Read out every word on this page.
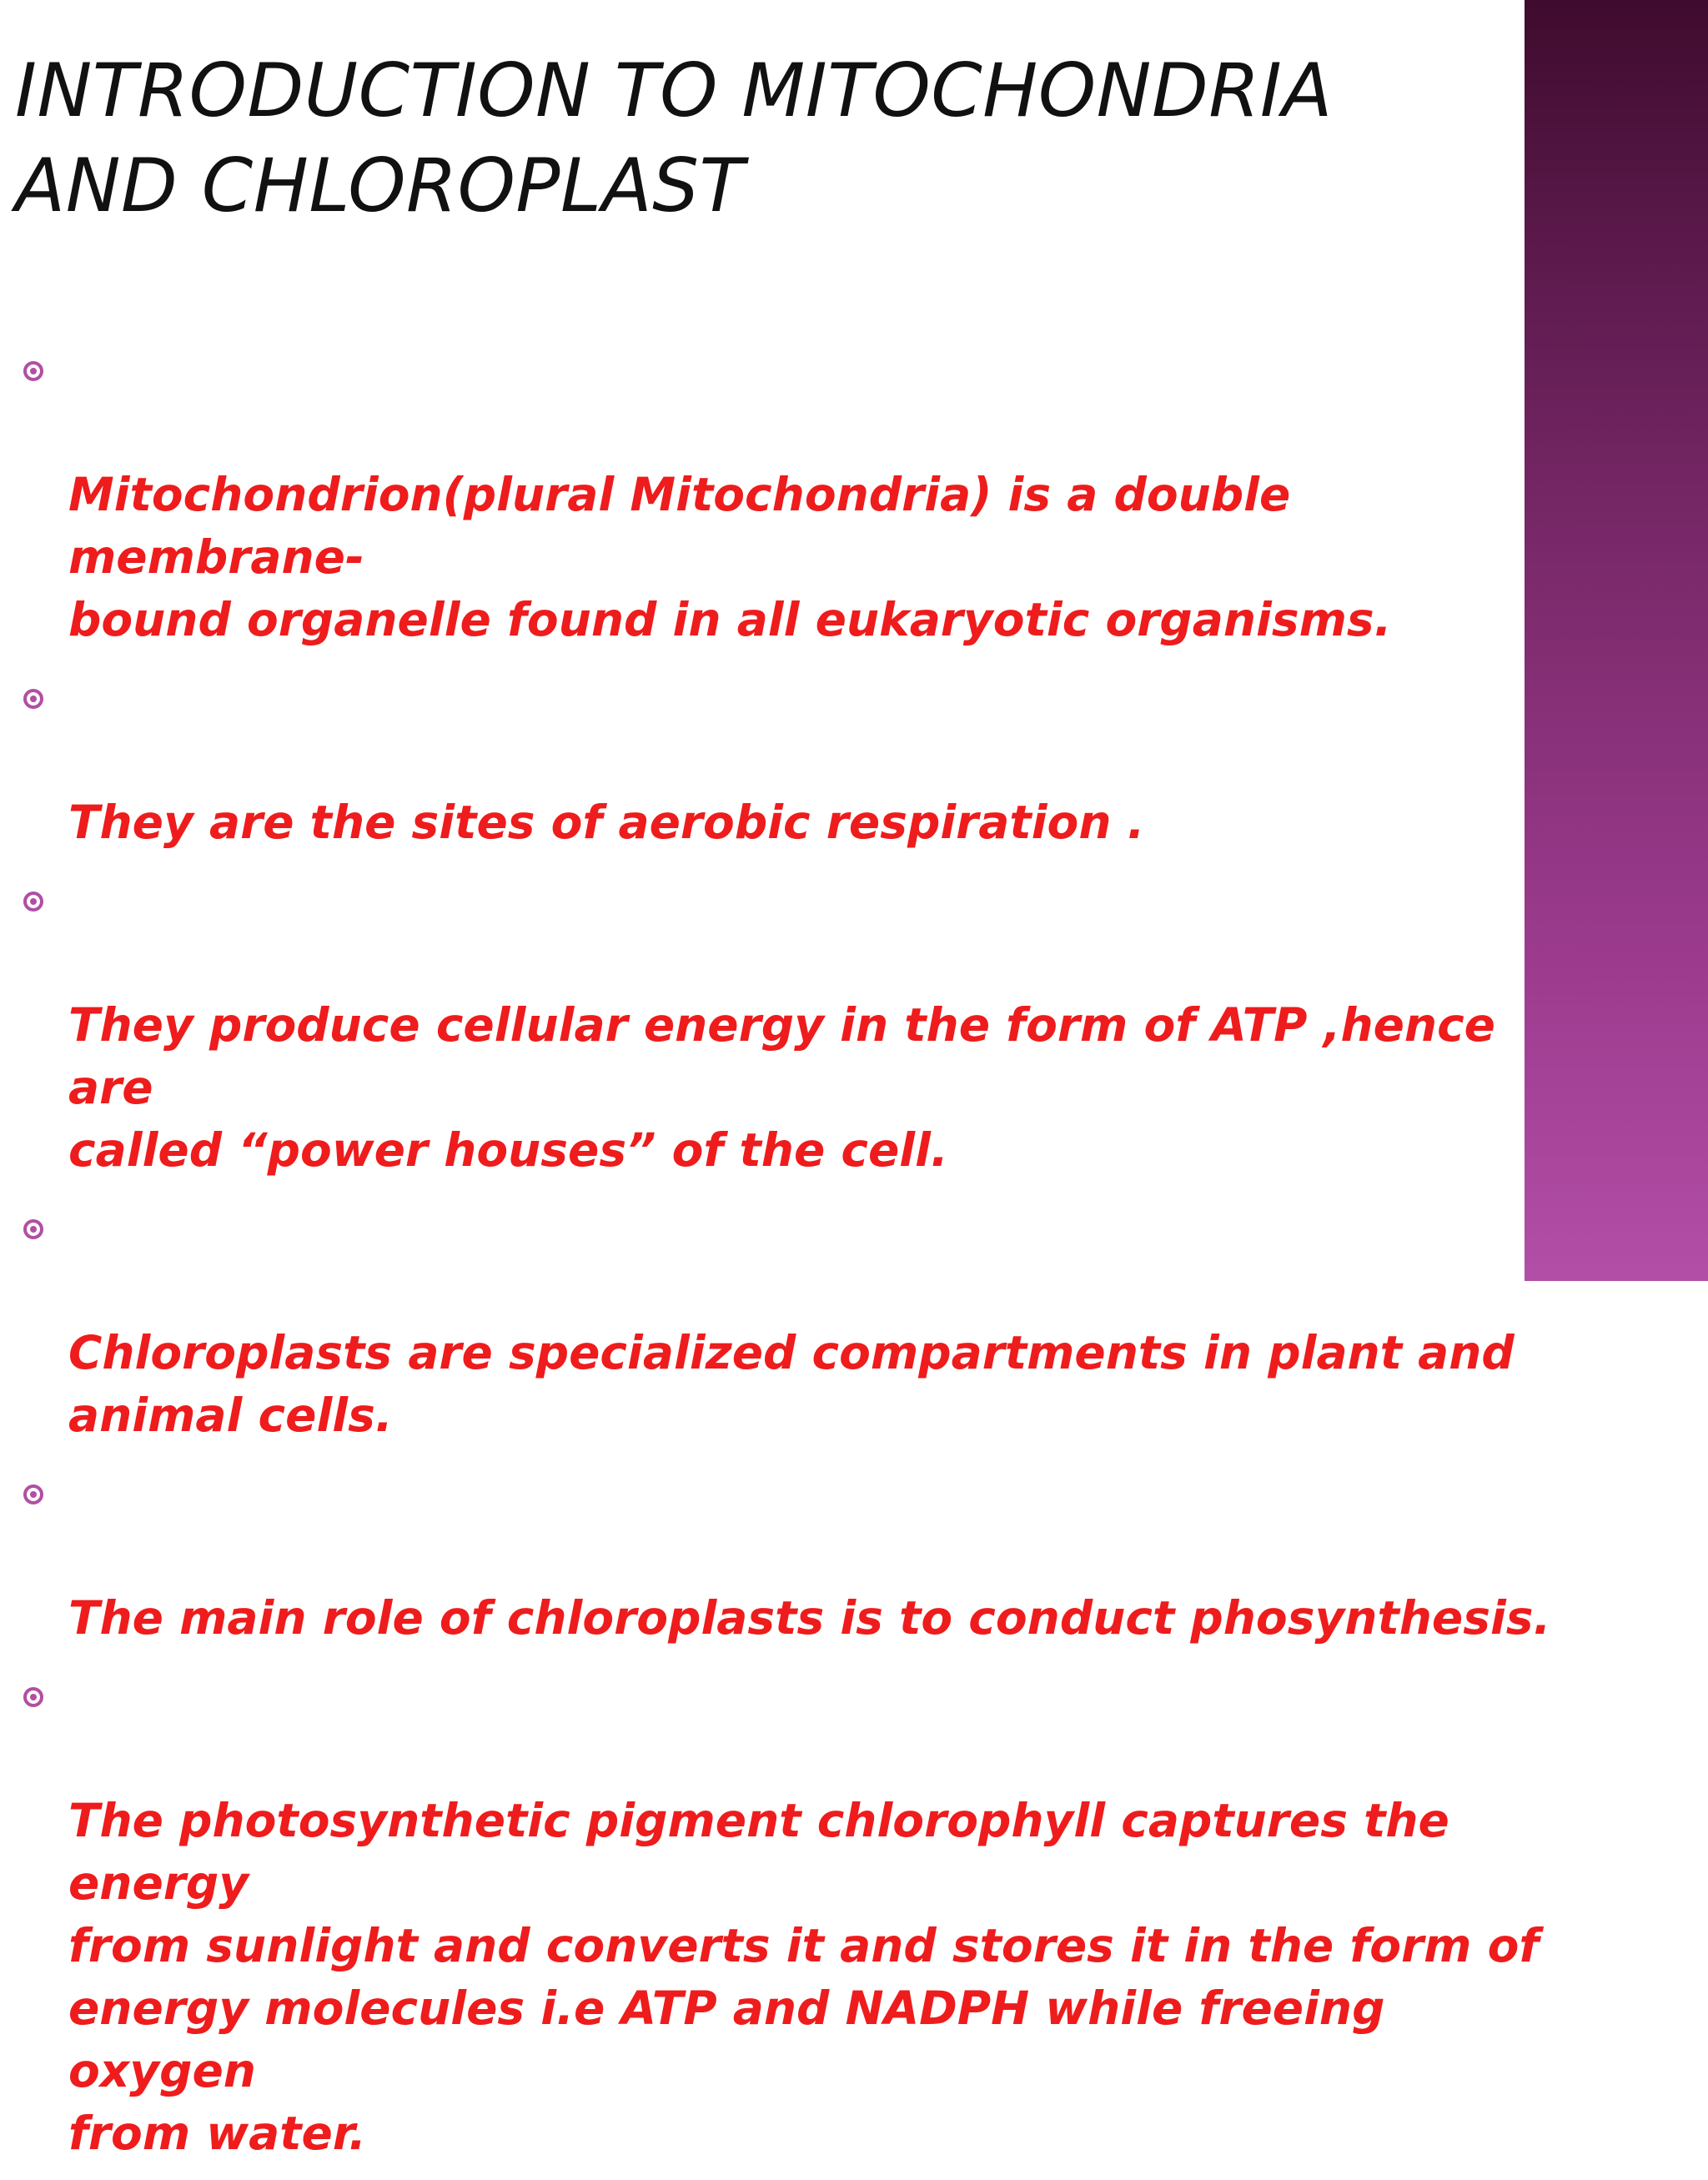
INTRODUCTION TO MITOCHONDRIA AND CHLOROPLAST

Mitochondrion(plural Mitochondria) is a double membrane-
bound organelle found in all eukaryotic organisms.

They are the sites of aerobic respiration .

They produce cellular energy in the form of ATP ,hence are
called “power houses” of the cell.

Chloroplasts are specialized compartments in plant and
animal cells.

The main role of chloroplasts is to conduct phosynthesis.

The photosynthetic pigment chlorophyll captures the energy
from sunlight and converts it and stores it in the form of
energy molecules i.e ATP and NADPH while freeing oxygen
from water.
